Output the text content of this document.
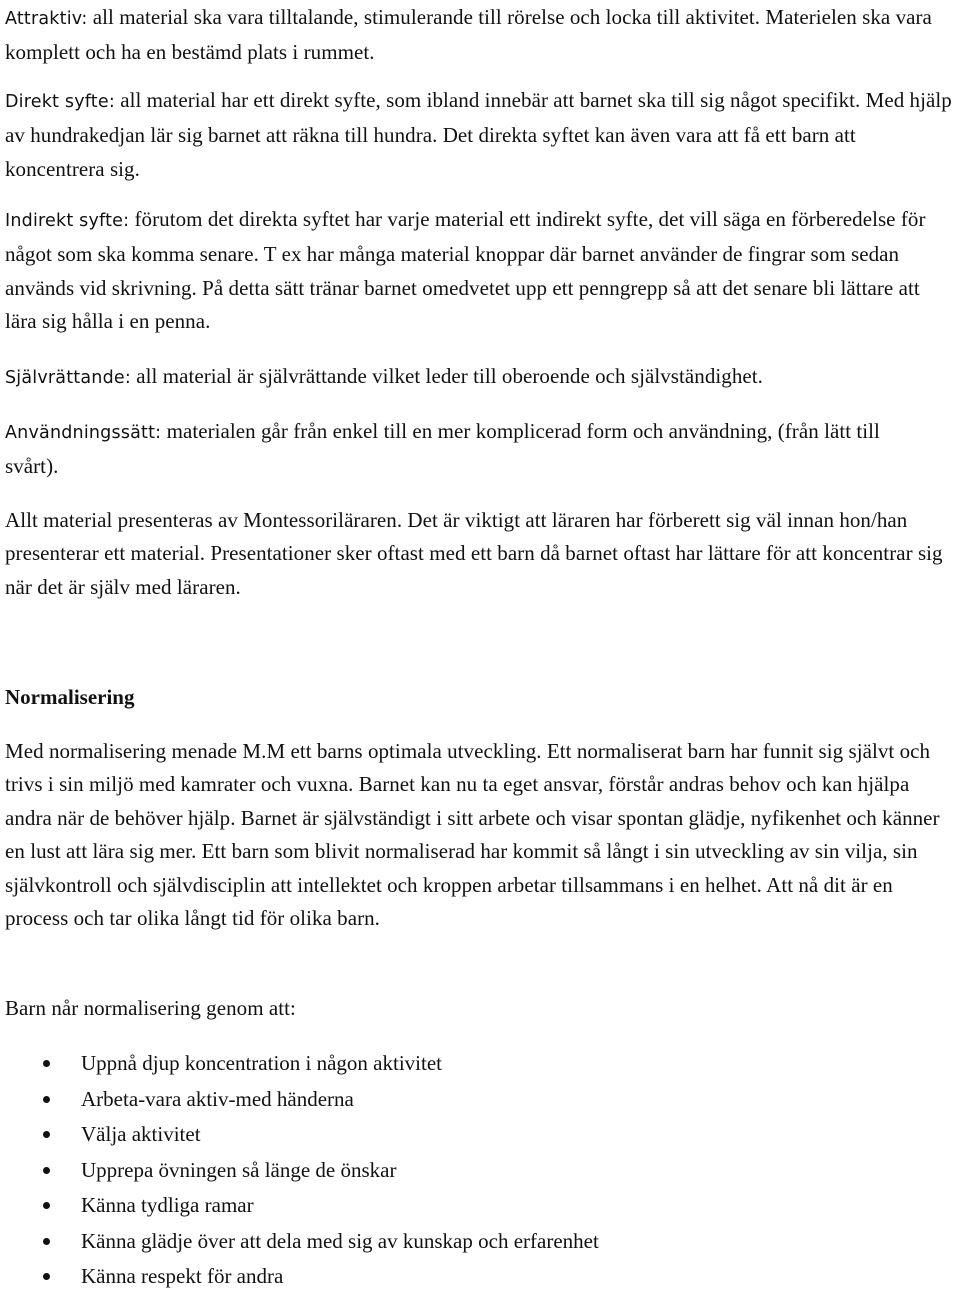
Attraktiv: all material ska vara tilltalande, stimulerande till rörelse och locka till aktivitet. Materielen ska vara komplett och ha en bestämd plats i rummet.

Direkt syfte: all material har ett direkt syfte, som ibland innebär att barnet ska till sig något specifikt. Med hjälp av hundrakedjan lär sig barnet att räkna till hundra. Det direkta syftet kan även vara att få ett barn att koncentrera sig.

Indirekt syfte: förutom det direkta syftet har varje material ett indirekt syfte, det vill säga en förberedelse för något som ska komma senare. T ex har många material knoppar där barnet använder de fingrar som sedan används vid skrivning. På detta sätt tränar barnet omedvetet upp ett penngrepp så att det senare bli lättare att lära sig hålla i en penna.

Självrättande: all material är självrättande vilket leder till oberoende och självständighet.

Användningssätt: materialen går från enkel till en mer komplicerad form och användning, (från lätt till svårt).

Allt material presenteras av Montessoriläraren. Det är viktigt att läraren har förberett sig väl innan hon/han presenterar ett material. Presentationer sker oftast med ett barn då barnet oftast har lättare för att koncentrar sig när det är själv med läraren.

Normalisering

Med normalisering menade M.M ett barns optimala utveckling. Ett normaliserat barn har funnit sig självt och trivs i sin miljö med kamrater och vuxna. Barnet kan nu ta eget ansvar, förstår andras behov och kan hjälpa andra när de behöver hjälp. Barnet är självständigt i sitt arbete och visar spontan glädje, nyfikenhet och känner en lust att lära sig mer. Ett barn som blivit normaliserad har kommit så långt i sin utveckling av sin vilja, sin självkontroll och självdisciplin att intellektet och kroppen arbetar tillsammans i en helhet. Att nå dit är en process och tar olika långt tid för olika barn.

Barn når normalisering genom att:

Uppnå djup koncentration i någon aktivitet
Arbeta-vara aktiv-med händerna
Välja aktivitet
Upprepa övningen så länge de önskar
Känna tydliga ramar
Känna glädje över att dela med sig av kunskap och erfarenhet
Känna respekt för andra
